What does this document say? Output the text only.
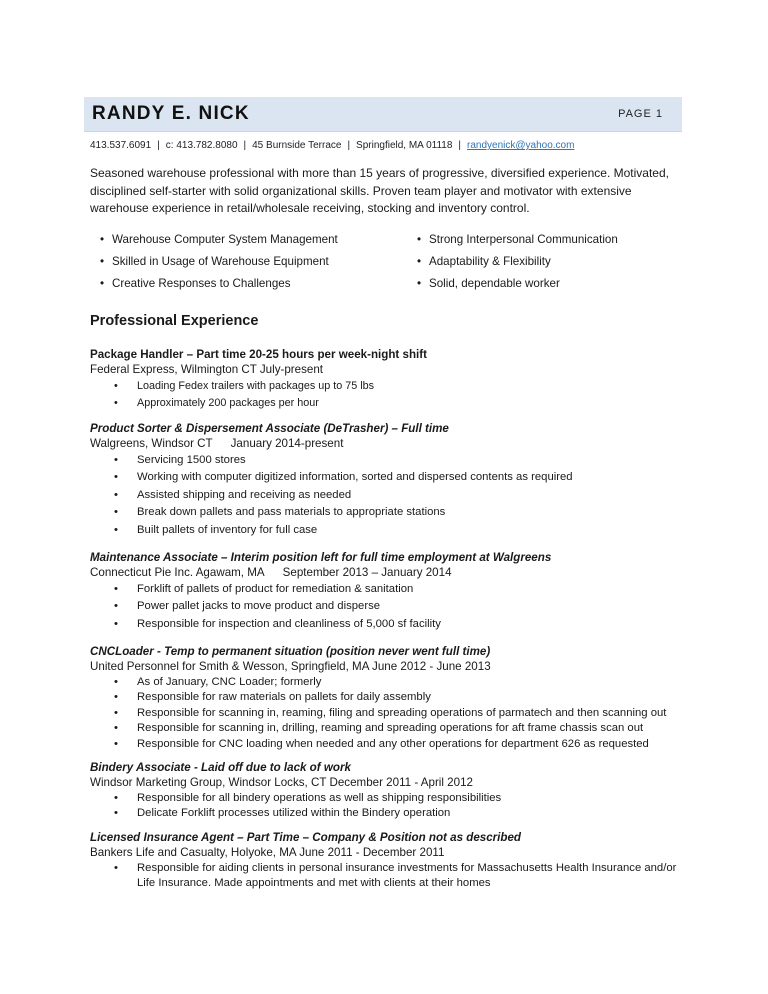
RANDY E. NICK	PAGE 1
413.537.6091 | c: 413.782.8080 | 45 Burnside Terrace | Springfield, MA 01118 | randyenick@yahoo.com
Seasoned warehouse professional with more than 15 years of progressive, diversified experience. Motivated, disciplined self-starter with solid organizational skills. Proven team player and motivator with extensive warehouse experience in retail/wholesale receiving, stocking and inventory control.
• Warehouse Computer System Management	• Strong Interpersonal Communication
• Skilled in Usage of Warehouse Equipment	• Adaptability & Flexibility
• Creative Responses to Challenges	• Solid, dependable worker
Professional Experience
Package Handler – Part time 20-25 hours per week-night shift
Federal Express, Wilmington CT July-present
• Loading Fedex trailers with packages up to 75 lbs
• Approximately 200 packages per hour
Product Sorter & Dispersement Associate (DeTrasher) – Full time
Walgreens, Windsor CT January 2014-present
• Servicing 1500 stores
• Working with computer digitized information, sorted and dispersed contents as required
• Assisted shipping and receiving as needed
• Break down pallets and pass materials to appropriate stations
• Built pallets of inventory for full case
Maintenance Associate – Interim position left for full time employment at Walgreens
Connecticut Pie Inc. Agawam, MA September 2013 – January 2014
• Forklift of pallets of product for remediation & sanitation
• Power pallet jacks to move product and disperse
• Responsible for inspection and cleanliness of 5,000 sf facility
CNCLoader - Temp to permanent situation (position never went full time)
United Personnel for Smith & Wesson, Springfield, MA June 2012 - June 2013
• As of January, CNC Loader; formerly
• Responsible for raw materials on pallets for daily assembly
• Responsible for scanning in, reaming, filing and spreading operations of parmatech and then scanning out
• Responsible for scanning in, drilling, reaming and spreading operations for aft frame chassis scan out
• Responsible for CNC loading when needed and any other operations for department 626 as requested
Bindery Associate - Laid off due to lack of work
Windsor Marketing Group, Windsor Locks, CT December 2011 - April 2012
• Responsible for all bindery operations as well as shipping responsibilities
• Delicate Forklift processes utilized within the Bindery operation
Licensed Insurance Agent – Part Time – Company & Position not as described
Bankers Life and Casualty, Holyoke, MA June 2011 - December 2011
• Responsible for aiding clients in personal insurance investments for Massachusetts Health Insurance and/or Life Insurance. Made appointments and met with clients at their homes
